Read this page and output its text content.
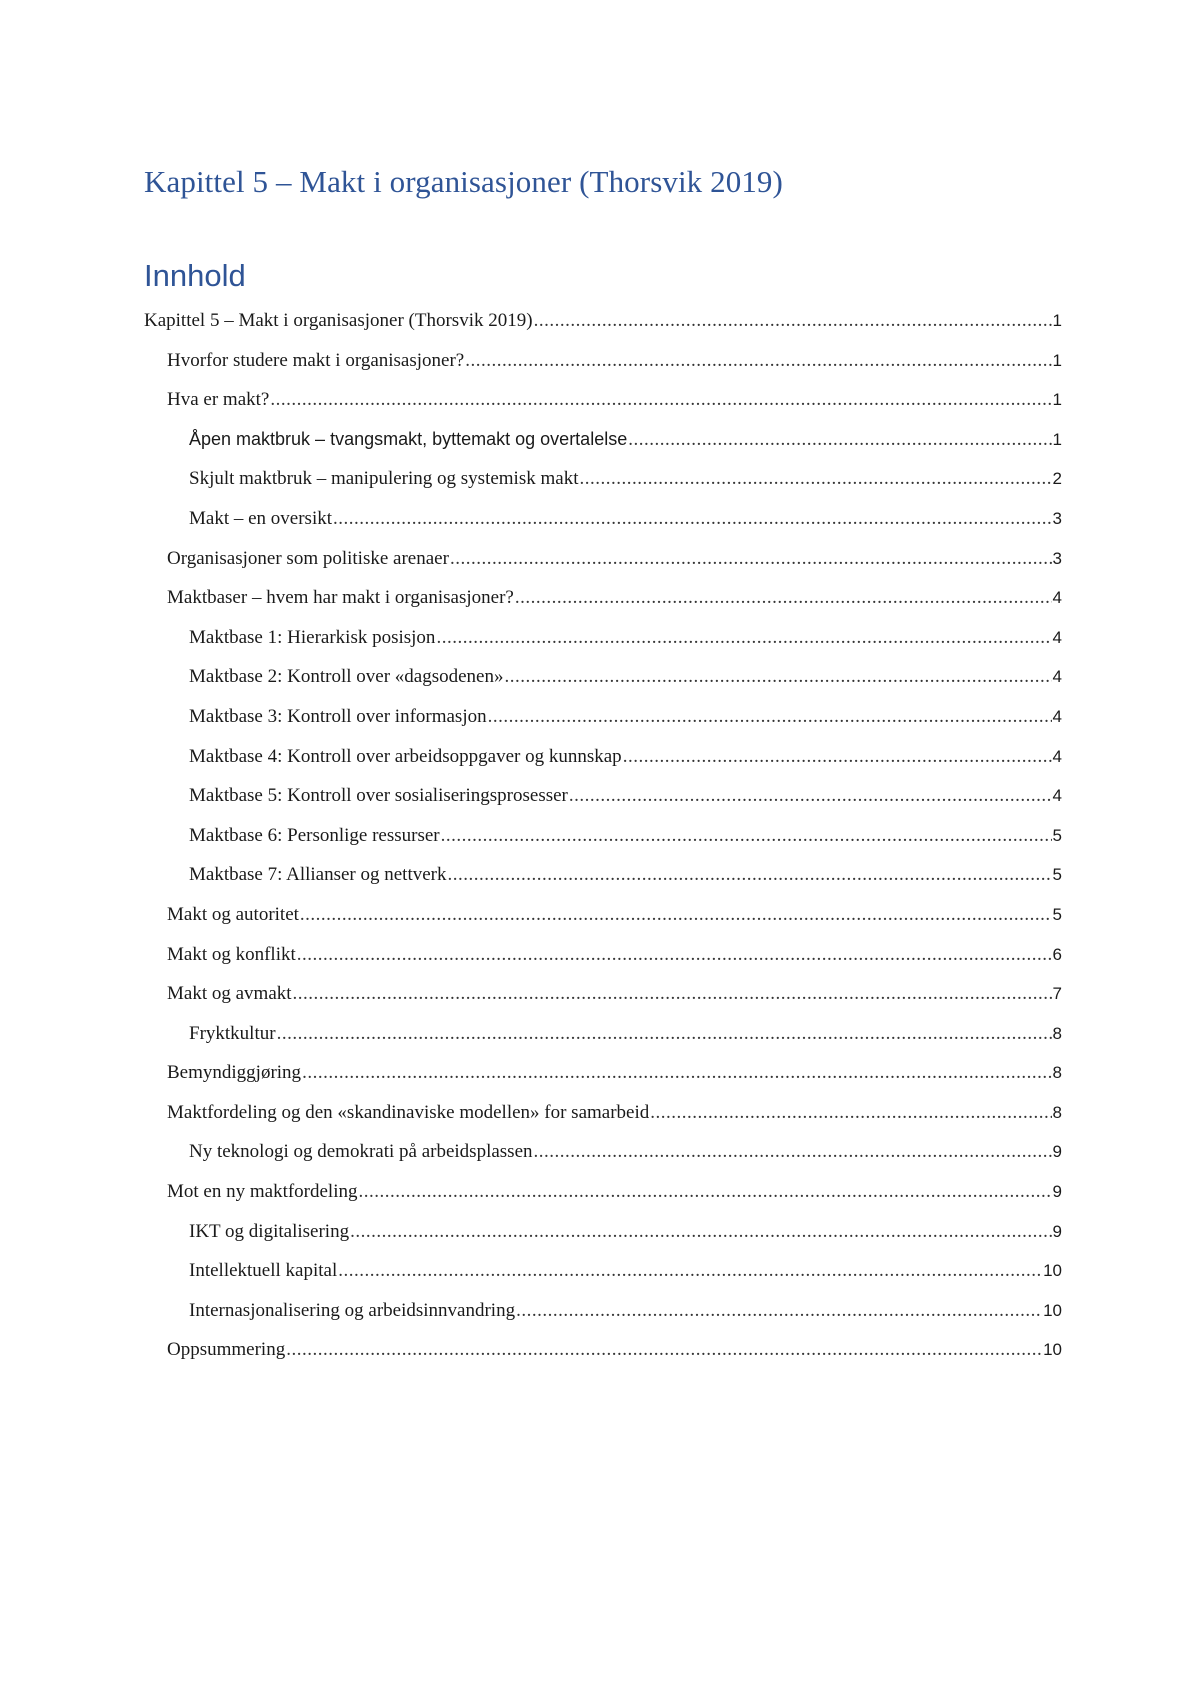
Kapittel 5 – Makt i organisasjoner (Thorsvik 2019)
Innhold
Kapittel 5 – Makt i organisasjoner (Thorsvik 2019) .....	1
Hvorfor studere makt i organisasjoner? .....	1
Hva er makt? .....	1
Åpen maktbruk – tvangsmakt, byttemakt og overtalelse .....	1
Skjult maktbruk – manipulering og systemisk makt .....	2
Makt – en oversikt .....	3
Organisasjoner som politiske arenaer .....	3
Maktbaser – hvem har makt i organisasjoner? .....	4
Maktbase 1: Hierarkisk posisjon .....	4
Maktbase 2: Kontroll over «dagsodenen» .....	4
Maktbase 3: Kontroll over informasjon .....	4
Maktbase 4: Kontroll over arbeidsoppgaver og kunnskap .....	4
Maktbase 5: Kontroll over sosialiseringsprosesser .....	4
Maktbase 6: Personlige ressurser .....	5
Maktbase 7: Allianser og nettverk .....	5
Makt og autoritet .....	5
Makt og konflikt .....	6
Makt og avmakt .....	7
Fryktkultur .....	8
Bemyndiggjøring .....	8
Maktfordeling og den «skandinaviske modellen» for samarbeid .....	8
Ny teknologi og demokrati på arbeidsplassen .....	9
Mot en ny maktfordeling .....	9
IKT og digitalisering .....	9
Intellektuell kapital .....	10
Internasjonalisering og arbeidsinnvandring .....	10
Oppsummering .....	10
